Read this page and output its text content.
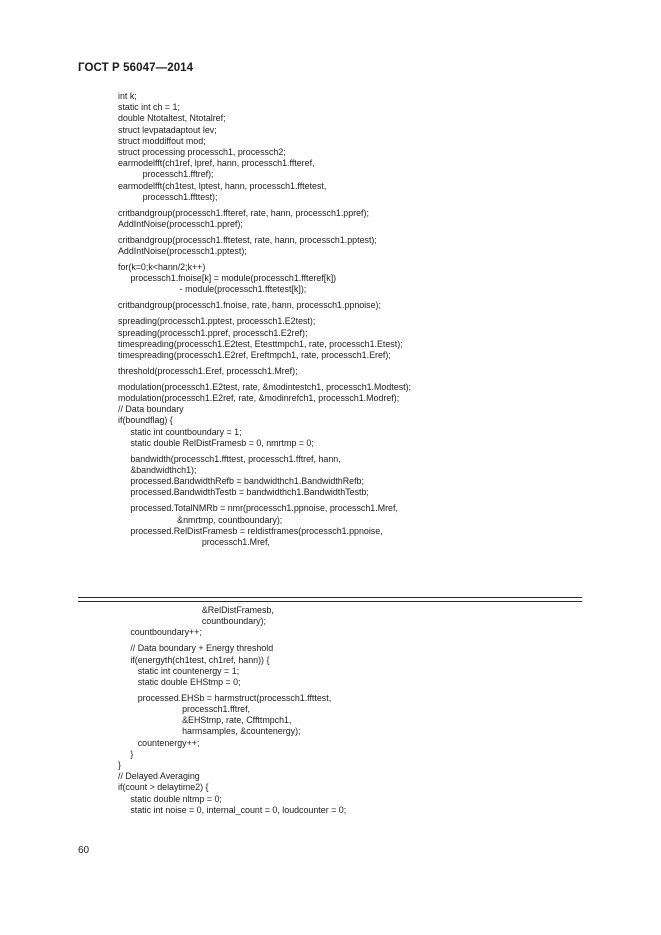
ГОСТ Р 56047—2014
int k;
static int ch = 1;
double Ntotaltest, Ntotalref;
struct levpatadaptout lev;
struct moddiffout mod;
struct processing processch1, processch2;
earmodelfft(ch1ref, lpref, hann, processch1.ffteref,
processch1.fftref);
earmodelfft(ch1test, lptest, hann, processch1.fftetest,
processch1.ffttest);
critbandgroup(processch1.ffteref, rate, hann, processch1.ppref);
AddIntNoise(processch1.ppref);
critbandgroup(processch1.fftetest, rate, hann, processch1.pptest);
AddIntNoise(processch1.pptest);
for(k=0;k<hann/2;k++)
processch1.fnoise[k] = module(processch1.ffteref[k])
- module(processch1.fftetest[k]);
critbandgroup(processch1.fnoise, rate, hann, processch1.ppnoise);
spreading(processch1.pptest, processch1.E2test);
spreading(processch1.ppref, processch1.E2ref);
timespreading(processch1.E2test, Etesttmpch1, rate, processch1.Etest);
timespreading(processch1.E2ref, Ereftmpch1, rate, processch1.Eref);
threshold(processch1.Eref, processch1.Mref);
modulation(processch1.E2test, rate, &modintestch1, processch1.Modtest);
modulation(processch1.E2ref, rate, &modinrefch1, processch1.Modref);
// Data boundary
if(boundflag) {
static int countboundary = 1;
static double RelDistFramesb = 0, nmrtmp = 0;
bandwidth(processch1.ffttest, processch1.fftref, hann,
&bandwidthch1);
processed.BandwidthRefb = bandwidthch1.BandwidthRefb;
processed.BandwidthTestb = bandwidthch1.BandwidthTestb;
processed.TotalNMRb = nmr(processch1.ppnoise, processch1.Mref,
&nmrtmp, countboundary);
processed.RelDistFramesb = reldistframes(processch1.ppnoise,
processch1.Mref,
&RelDistFramesb,
countboundary);
countboundary++;
// Data boundary + Energy threshold
if(energyth(ch1test, ch1ref, hann)) {
static int countenergy = 1;
static double EHStmp = 0;
processed.EHSb = harmstruct(processch1.ffttest,
processch1.fftref,
&EHStmp, rate, Cffttmpch1,
harmsamples, &countenergy);
countenergy++;
}
}
// Delayed Averaging
if(count > delaytime2) {
static double nltmp = 0;
static int noise = 0, internal_count = 0, loudcounter = 0;
60
